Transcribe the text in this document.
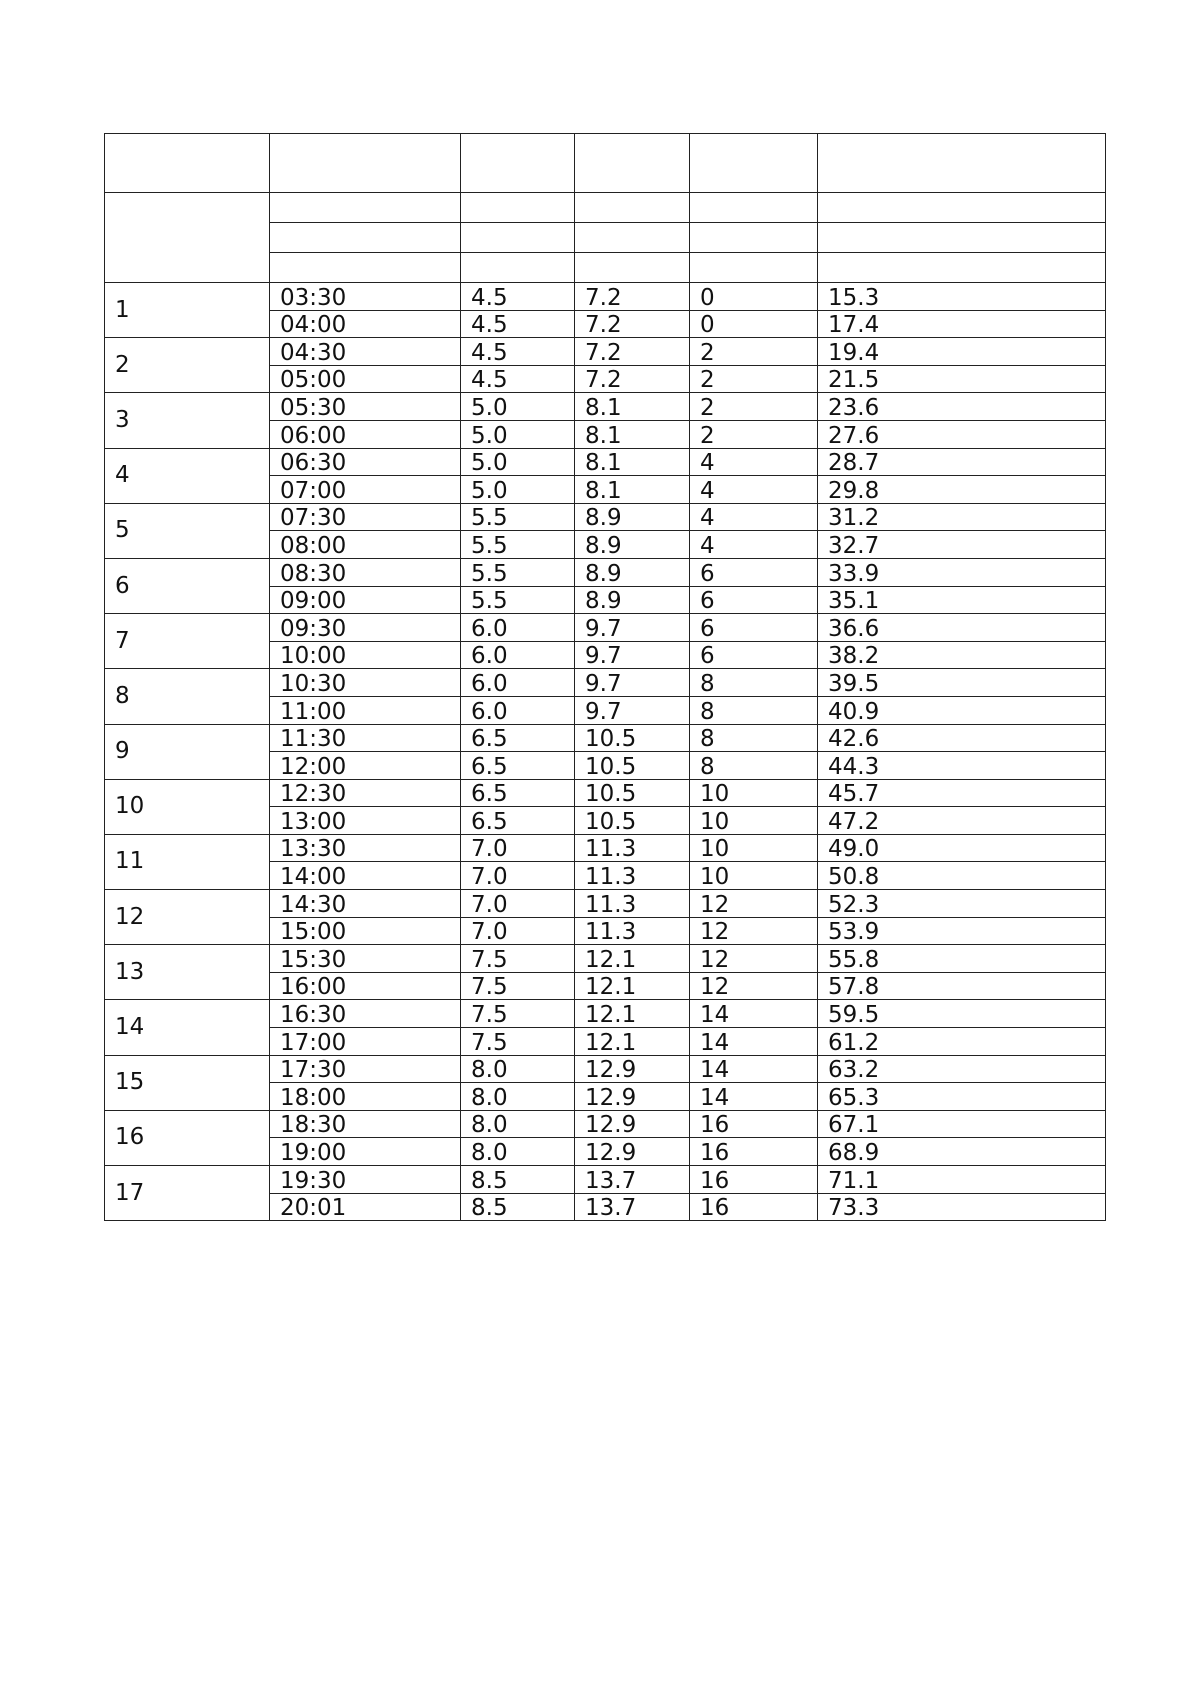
1	03:30	4.5	7.2	0	15.3
	04:00	4.5	7.2	0	17.4
2	04:30	4.5	7.2	2	19.4
	05:00	4.5	7.2	2	21.5
3	05:30	5.0	8.1	2	23.6
	06:00	5.0	8.1	2	27.6
4	06:30	5.0	8.1	4	28.7
	07:00	5.0	8.1	4	29.8
5	07:30	5.5	8.9	4	31.2
	08:00	5.5	8.9	4	32.7
6	08:30	5.5	8.9	6	33.9
	09:00	5.5	8.9	6	35.1
7	09:30	6.0	9.7	6	36.6
	10:00	6.0	9.7	6	38.2
8	10:30	6.0	9.7	8	39.5
	11:00	6.0	9.7	8	40.9
9	11:30	6.5	10.5	8	42.6
	12:00	6.5	10.5	8	44.3
10	12:30	6.5	10.5	10	45.7
	13:00	6.5	10.5	10	47.2
11	13:30	7.0	11.3	10	49.0
	14:00	7.0	11.3	10	50.8
12	14:30	7.0	11.3	12	52.3
	15:00	7.0	11.3	12	53.9
13	15:30	7.5	12.1	12	55.8
	16:00	7.5	12.1	12	57.8
14	16:30	7.5	12.1	14	59.5
	17:00	7.5	12.1	14	61.2
15	17:30	8.0	12.9	14	63.2
	18:00	8.0	12.9	14	65.3
16	18:30	8.0	12.9	16	67.1
	19:00	8.0	12.9	16	68.9
17	19:30	8.5	13.7	16	71.1
	20:01	8.5	13.7	16	73.3
